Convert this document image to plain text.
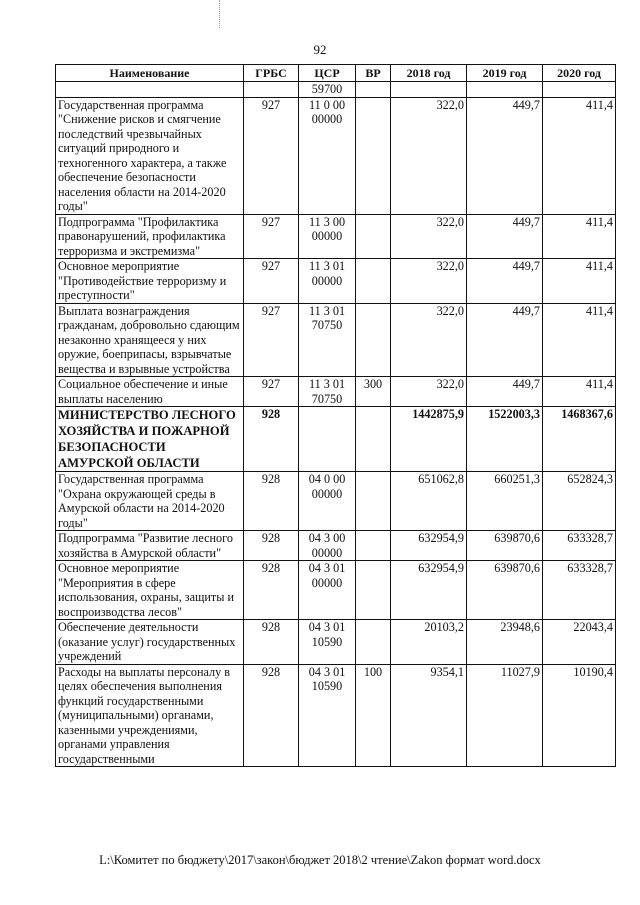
92
Наименование	ГРБС	ЦСР	ВР	2018 год	2019 год	2020 год
		59700				
Государственная программа "Снижение рисков и смягчение последствий чрезвычайных ситуаций природного и техногенного характера, а также обеспечение безопасности населения области на 2014-2020 годы"	927	11 0 00 00000		322,0	449,7	411,4
Подпрограмма "Профилактика правонарушений, профилактика терроризма и экстремизма"	927	11 3 00 00000		322,0	449,7	411,4
Основное мероприятие "Противодействие терроризму и преступности"	927	11 3 01 00000		322,0	449,7	411,4
Выплата вознаграждения гражданам, добровольно сдающим незаконно хранящееся у них оружие, боеприпасы, взрывчатые вещества и взрывные устройства	927	11 3 01 70750		322,0	449,7	411,4
Социальное обеспечение и иные выплаты населению	927	11 3 01 70750	300	322,0	449,7	411,4
МИНИСТЕРСТВО ЛЕСНОГО ХОЗЯЙСТВА И ПОЖАРНОЙ БЕЗОПАСНОСТИ АМУРСКОЙ ОБЛАСТИ	928			1442875,9	1522003,3	1468367,6
Государственная программа "Охрана окружающей среды в Амурской области на 2014-2020 годы"	928	04 0 00 00000		651062,8	660251,3	652824,3
Подпрограмма "Развитие лесного хозяйства в Амурской области"	928	04 3 00 00000		632954,9	639870,6	633328,7
Основное мероприятие "Мероприятия в сфере использования, охраны, защиты и воспроизводства лесов"	928	04 3 01 00000		632954,9	639870,6	633328,7
Обеспечение деятельности (оказание услуг) государственных учреждений	928	04 3 01 10590		20103,2	23948,6	22043,4
Расходы на выплаты персоналу в целях обеспечения выполнения функций государственными (муниципальными) органами, казенными учреждениями, органами управления государственными	928	04 3 01 10590	100	9354,1	11027,9	10190,4
L:\Комитет по бюджету\2017\закон\бюджет 2018\2 чтение\Zakon формат word.docx
